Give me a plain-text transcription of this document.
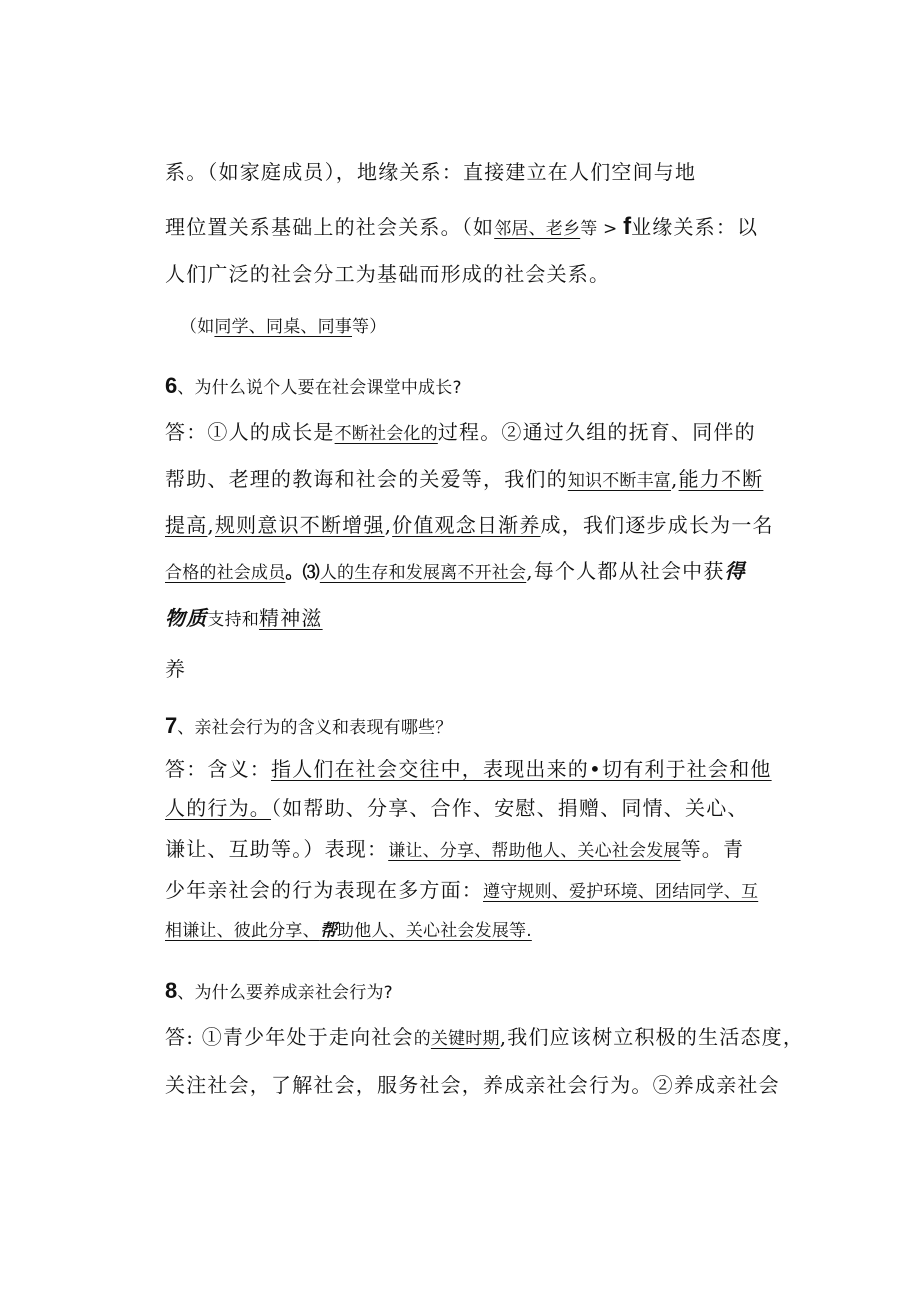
系。（如家庭成员），地缘关系：直接建立在人们空间与地
理位置关系基础上的社会关系。（如邻居、老乡等 > f业缘关系：以
人们广泛的社会分工为基础而形成的社会关系。
（如同学、同桌、同事等）
6、为什么说个人要在社会课堂中成长?
答：①人的成长是不断社会化的过程。②通过久组的抚育、同伴的
帮助、老理的教诲和社会的关爱等，我们的知识不断丰富,能力不断
提高,规则意识不断增强,价值观念日渐养成，我们逐步成长为一名
合格的社会成员。⑶人的生存和发展离不开社会,每个人都从社会中获得
物质支持和精神滋
养
7、亲社会行为的含义和表现有哪些？
答：含义：指人们在社会交往中，表现出来的•切有利于社会和他
人的行为。（如帮助、分享、合作、安慰、捐赠、同情、关心、
谦让、互助等。）表现：谦让、分享、帮助他人、关心社会发展等。青
少年亲社会的行为表现在多方面：遵守规则、爱护环境、团结同学、互
相谦让、彼此分享、帮助他人、关心社会发展等.
8、为什么要养成亲社会行为?
答: ①青少年处于走向社会的关键时期,我们应该树立积极的生活态度，
关注社会，了解社会，服务社会，养成亲社会行为。②养成亲社会
